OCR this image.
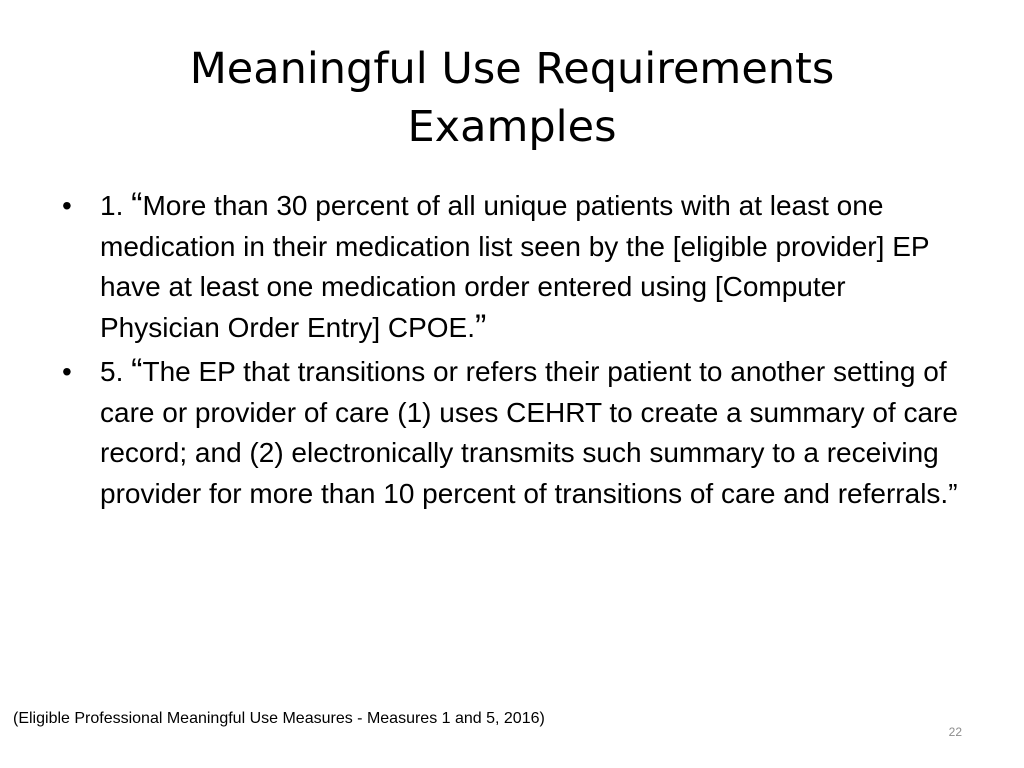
Meaningful Use Requirements
Examples
• 1. “More than 30 percent of all unique patients with at least one medication in their medication list seen by the [eligible provider] EP have at least one medication order entered using [Computer Physician Order Entry] CPOE.”
• 5. “The EP that transitions or refers their patient to another setting of care or provider of care (1) uses CEHRT to create a summary of care record; and (2) electronically transmits such summary to a receiving provider for more than 10 percent of transitions of care and referrals.”

(Eligible Professional Meaningful Use Measures - Measures 1 and 5, 2016)

22
